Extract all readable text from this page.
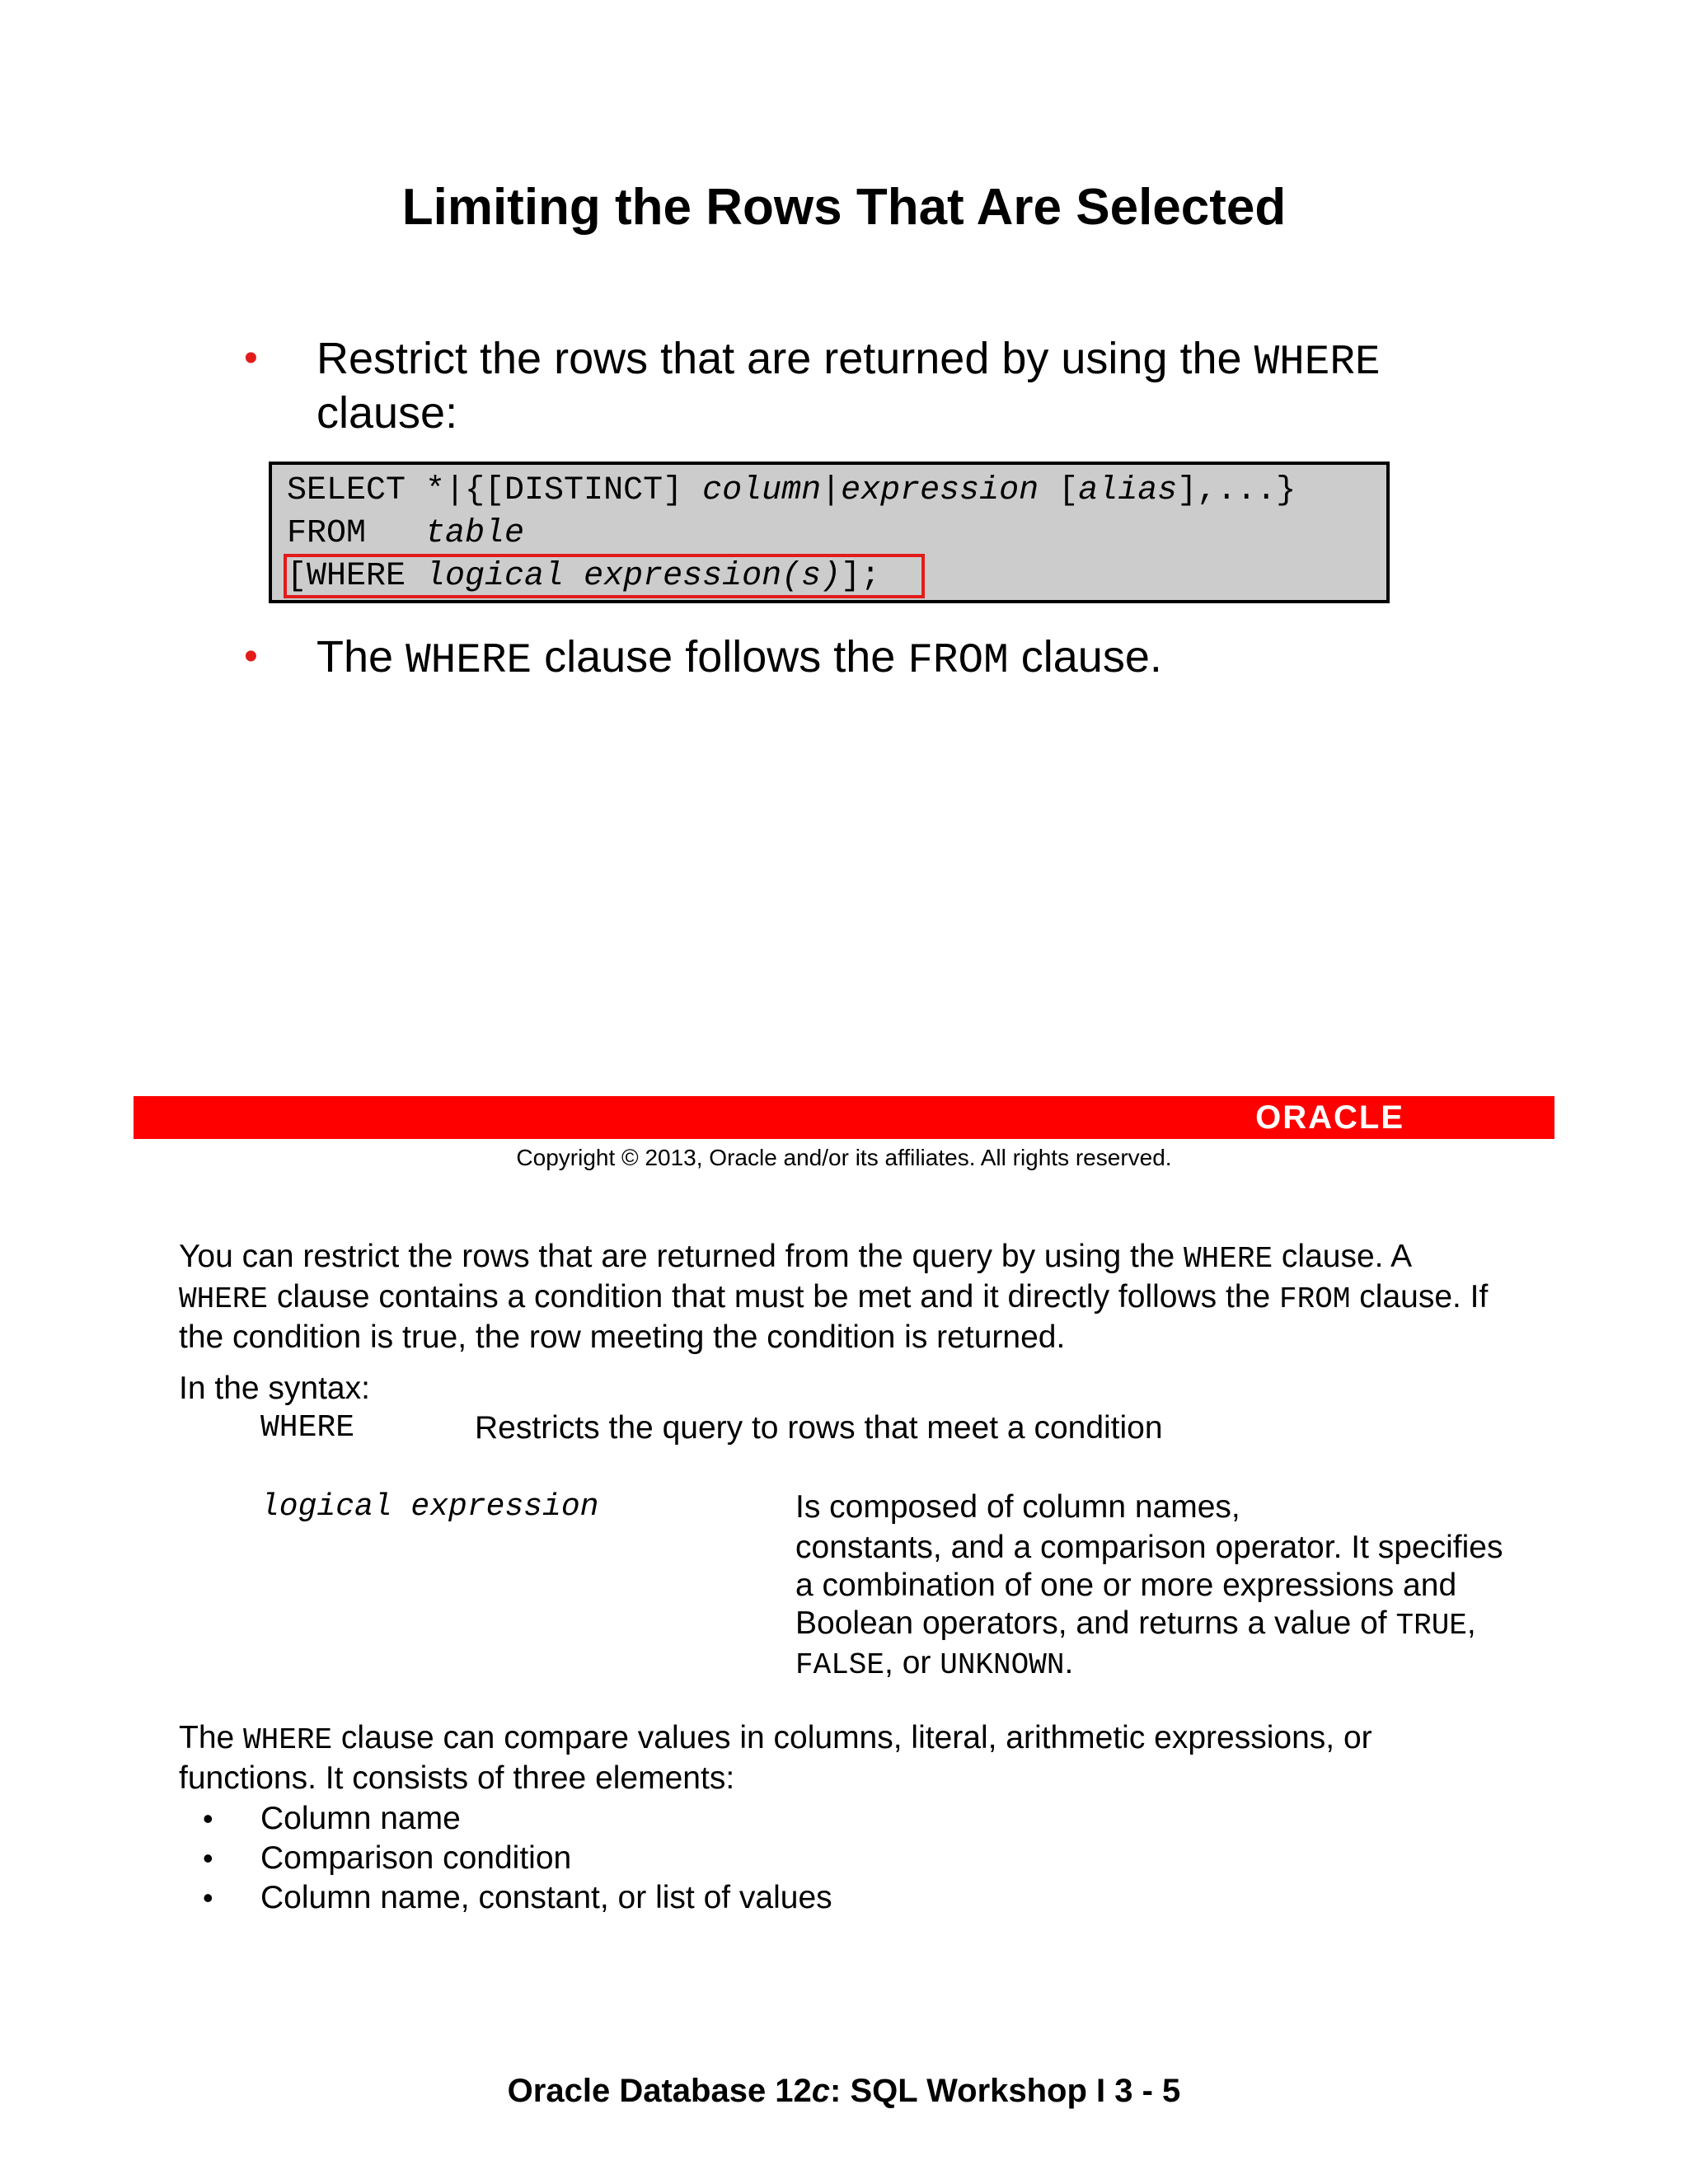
Limiting the Rows That Are Selected
• Restrict the rows that are returned by using the WHERE
clause:
SELECT *|{[DISTINCT] column|expression [alias],...}
FROM   table
[WHERE logical expression(s)];
• The WHERE clause follows the FROM clause.
ORACLE
Copyright © 2013, Oracle and/or its affiliates. All rights reserved.
You can restrict the rows that are returned from the query by using the WHERE clause. A
WHERE clause contains a condition that must be met and it directly follows the FROM clause. If
the condition is true, the row meeting the condition is returned.
In the syntax:
WHERE	Restricts the query to rows that meet a condition
logical expression	Is composed of column names,
constants, and a comparison operator. It specifies
a combination of one or more expressions and
Boolean operators, and returns a value of TRUE,
FALSE, or UNKNOWN.
The WHERE clause can compare values in columns, literal, arithmetic expressions, or
functions. It consists of three elements:
• Column name
• Comparison condition
• Column name, constant, or list of values
Oracle Database 12c: SQL Workshop I 3 - 5
